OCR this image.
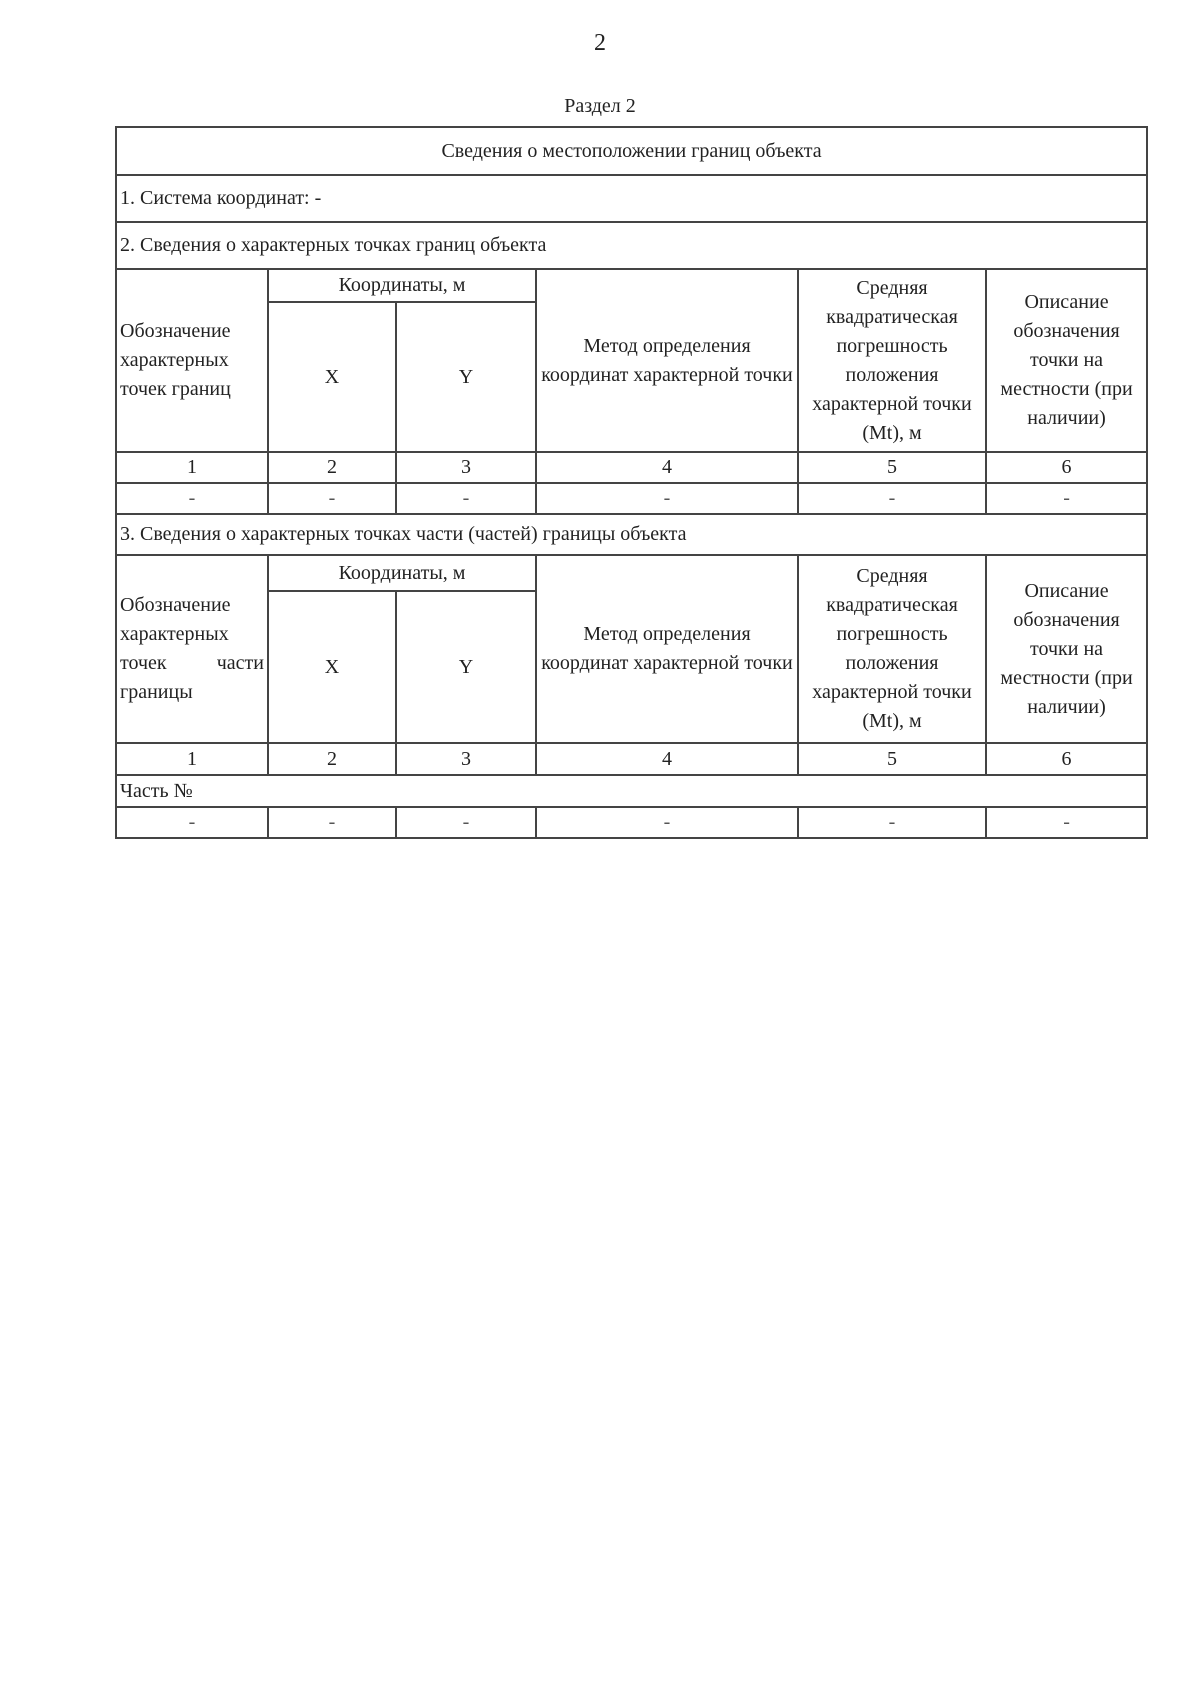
2
Раздел 2
Сведения о местоположении границ объекта					
1. Система координат: -					
2. Сведения о характерных точках границ объекта					
Обозначение характерных точек границ	Координаты, м		Метод определения координат характерной точки	Средняя квадратическая погрешность положения характерной точки (Mt), м	Описание обозначения точки на местности (при наличии)
	X	Y			
1	2	3	4	5	6
-	-	-	-	-	-
3. Сведения о характерных точках части (частей) границы объекта					

Обозначение характерных точек части
границы	Координаты, м		Метод определения координат характерной точки	Средняя квадратическая погрешность положения характерной точки (Mt), м	Описание обозначения точки на местности (при наличии)
	X	Y			
1	2	3	4	5	6
Часть №					
-	-	-	-	-	-
